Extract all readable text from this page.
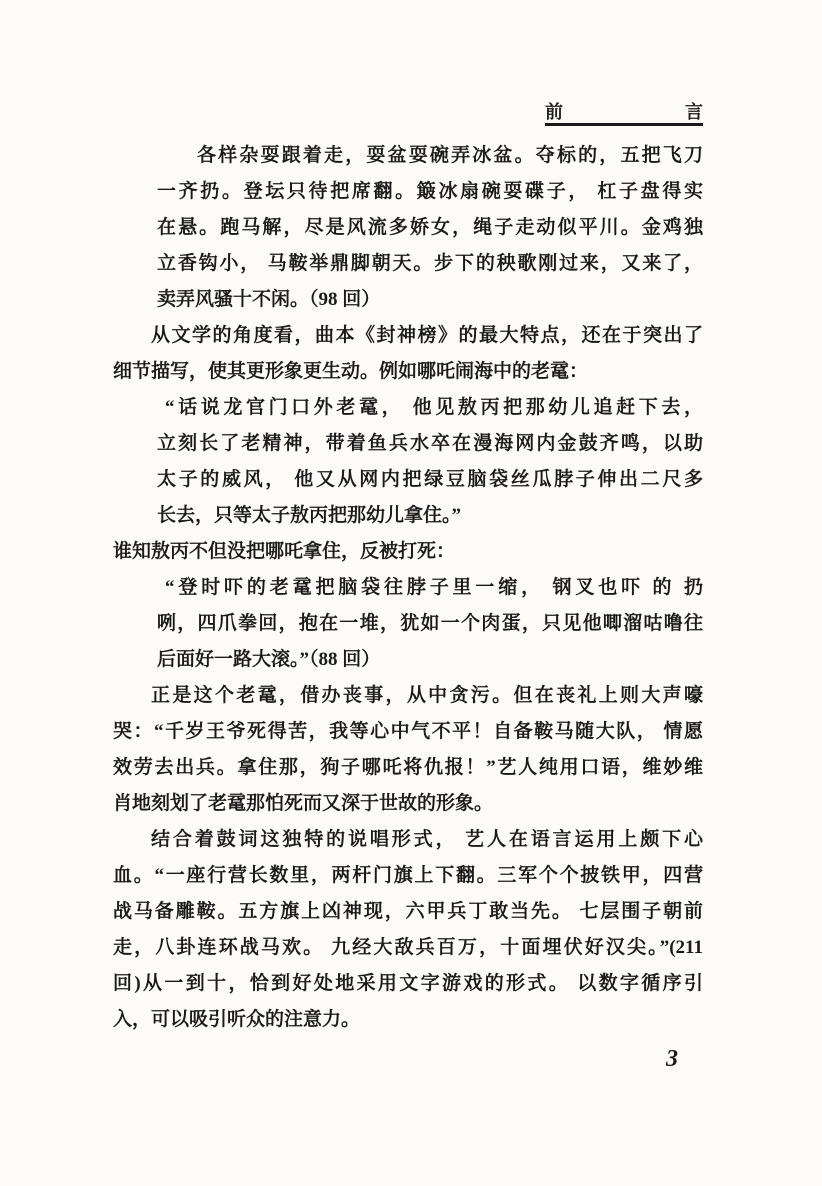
前	言
各样杂耍跟着走，耍盆耍碗弄冰盆。夺标的，五把飞刀
一齐扔。登坛只待把席翻。簸冰扇碗耍碟子， 杠子盘得实
在悬。跑马解，尽是风流多娇女，绳子走动似平川。金鸡独
立香钩小， 马鞍举鼎脚朝天。步下的秧歌刚过来，又来了，
卖弄风骚十不闲。（98 回）
从文学的角度看，曲本《封神榜》的最大特点，还在于突出了
细节描写，使其更形象更生动。例如哪吒闹海中的老鼋：
“话说龙官门口外老鼋， 他见敖丙把那幼儿追赶下去，
立刻长了老精神，带着鱼兵水卒在漫海网内金鼓齐鸣，以助
太子的威风， 他又从网内把绿豆脑袋丝瓜脖子伸出二尺多
长去，只等太子敖丙把那幼儿拿住。”
谁知敖丙不但没把哪吒拿住，反被打死：
“登时吓的老鼋把脑袋往脖子里一缩， 钢叉也吓 的 扔
咧，四爪拳回，抱在一堆，犹如一个肉蛋，只见他唧溜咕噜往
后面好一路大滚。”（88 回）
正是这个老鼋，借办丧事，从中贪污。但在丧礼上则大声嚎
哭：“千岁王爷死得苦，我等心中气不平！自备鞍马随大队， 情愿
效劳去出兵。拿住那，狗子哪吒将仇报！”艺人纯用口语，维妙维
肖地刻划了老鼋那怕死而又深于世故的形象。
结合着鼓词这独特的说唱形式， 艺人在语言运用上颇下心
血。“一座行营长数里，两杆门旗上下翻。三军个个披铁甲，四营
战马备雕鞍。五方旗上凶神现，六甲兵丁敢当先。 七层围子朝前
走，八卦连环战马欢。 九经大敌兵百万，十面埋伏好汉尖。”(211
回)从一到十，恰到好处地采用文字游戏的形式。 以数字循序引
入，可以吸引听众的注意力。
3
